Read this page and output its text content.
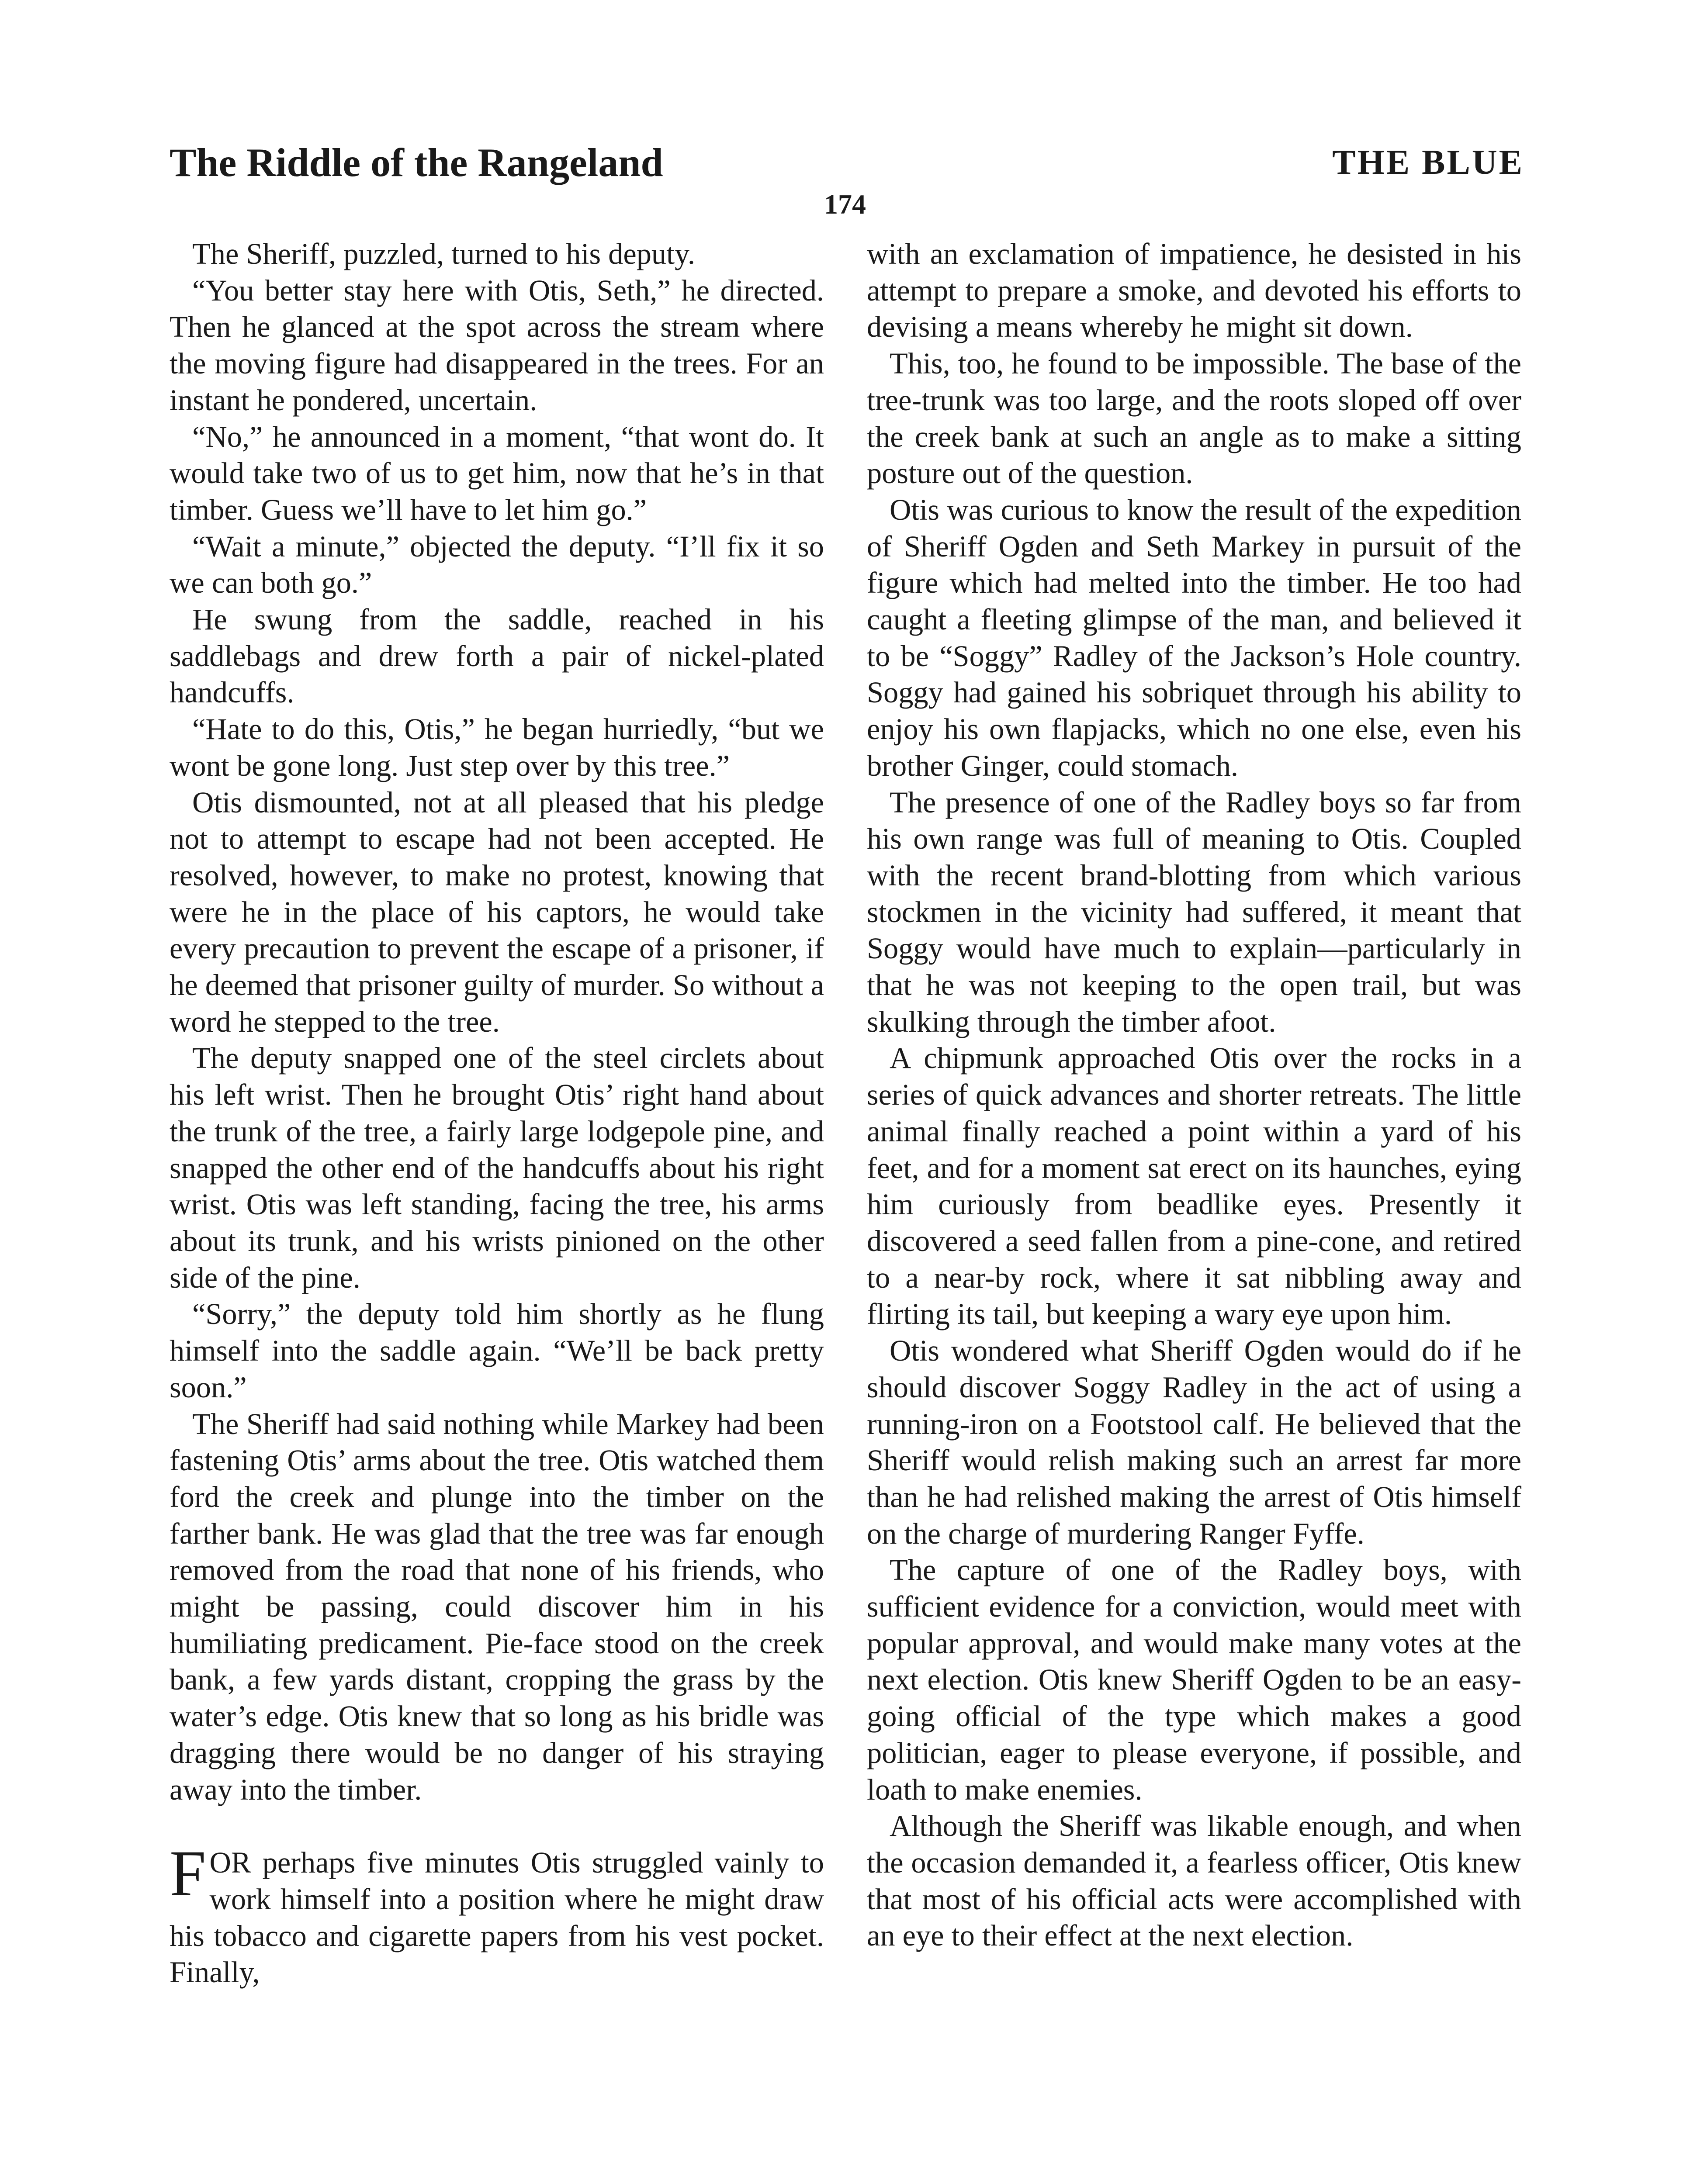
The Riddle of the Rangeland	THE BLUE
174

The Sheriff, puzzled, turned to his deputy.

“You better stay here with Otis, Seth,” he directed. Then he glanced at the spot across the stream where the moving figure had disappeared in the trees. For an instant he pondered, uncertain.

“No,” he announced in a moment, “that wont do. It would take two of us to get him, now that he’s in that timber. Guess we’ll have to let him go.”

“Wait a minute,” objected the deputy. “I’ll fix it so we can both go.”

He swung from the saddle, reached in his saddlebags and drew forth a pair of nickel-plated handcuffs.

“Hate to do this, Otis,” he began hurriedly, “but we wont be gone long. Just step over by this tree.”

Otis dismounted, not at all pleased that his pledge not to attempt to escape had not been accepted. He resolved, however, to make no protest, knowing that were he in the place of his captors, he would take every precaution to prevent the escape of a prisoner, if he deemed that prisoner guilty of murder. So without a word he stepped to the tree.

The deputy snapped one of the steel circlets about his left wrist. Then he brought Otis’ right hand about the trunk of the tree, a fairly large lodgepole pine, and snapped the other end of the handcuffs about his right wrist. Otis was left standing, facing the tree, his arms about its trunk, and his wrists pinioned on the other side of the pine.

“Sorry,” the deputy told him shortly as he flung himself into the saddle again. “We’ll be back pretty soon.”

The Sheriff had said nothing while Markey had been fastening Otis’ arms about the tree. Otis watched them ford the creek and plunge into the timber on the farther bank. He was glad that the tree was far enough removed from the road that none of his friends, who might be passing, could discover him in his humiliating predicament. Pie-face stood on the creek bank, a few yards distant, cropping the grass by the water’s edge. Otis knew that so long as his bridle was dragging there would be no danger of his straying away into the timber.

FOR perhaps five minutes Otis struggled vainly to work himself into a position where he might draw his tobacco and cigarette papers from his vest pocket. Finally,

with an exclamation of impatience, he desisted in his attempt to prepare a smoke, and devoted his efforts to devising a means whereby he might sit down.

This, too, he found to be impossible. The base of the tree-trunk was too large, and the roots sloped off over the creek bank at such an angle as to make a sitting posture out of the question.

Otis was curious to know the result of the expedition of Sheriff Ogden and Seth Markey in pursuit of the figure which had melted into the timber. He too had caught a fleeting glimpse of the man, and believed it to be “Soggy” Radley of the Jackson’s Hole country. Soggy had gained his sobriquet through his ability to enjoy his own flapjacks, which no one else, even his brother Ginger, could stomach.

The presence of one of the Radley boys so far from his own range was full of meaning to Otis. Coupled with the recent brand-blotting from which various stockmen in the vicinity had suffered, it meant that Soggy would have much to explain—particularly in that he was not keeping to the open trail, but was skulking through the timber afoot.

A chipmunk approached Otis over the rocks in a series of quick advances and shorter retreats. The little animal finally reached a point within a yard of his feet, and for a moment sat erect on its haunches, eying him curiously from beadlike eyes. Presently it discovered a seed fallen from a pine-cone, and retired to a near-by rock, where it sat nibbling away and flirting its tail, but keeping a wary eye upon him.

Otis wondered what Sheriff Ogden would do if he should discover Soggy Radley in the act of using a running-iron on a Footstool calf. He believed that the Sheriff would relish making such an arrest far more than he had relished making the arrest of Otis himself on the charge of murdering Ranger Fyffe.

The capture of one of the Radley boys, with sufficient evidence for a conviction, would meet with popular approval, and would make many votes at the next election. Otis knew Sheriff Ogden to be an easy-going official of the type which makes a good politician, eager to please everyone, if possible, and loath to make enemies.

Although the Sheriff was likable enough, and when the occasion demanded it, a fearless officer, Otis knew that most of his official acts were accomplished with an eye to their effect at the next election.
